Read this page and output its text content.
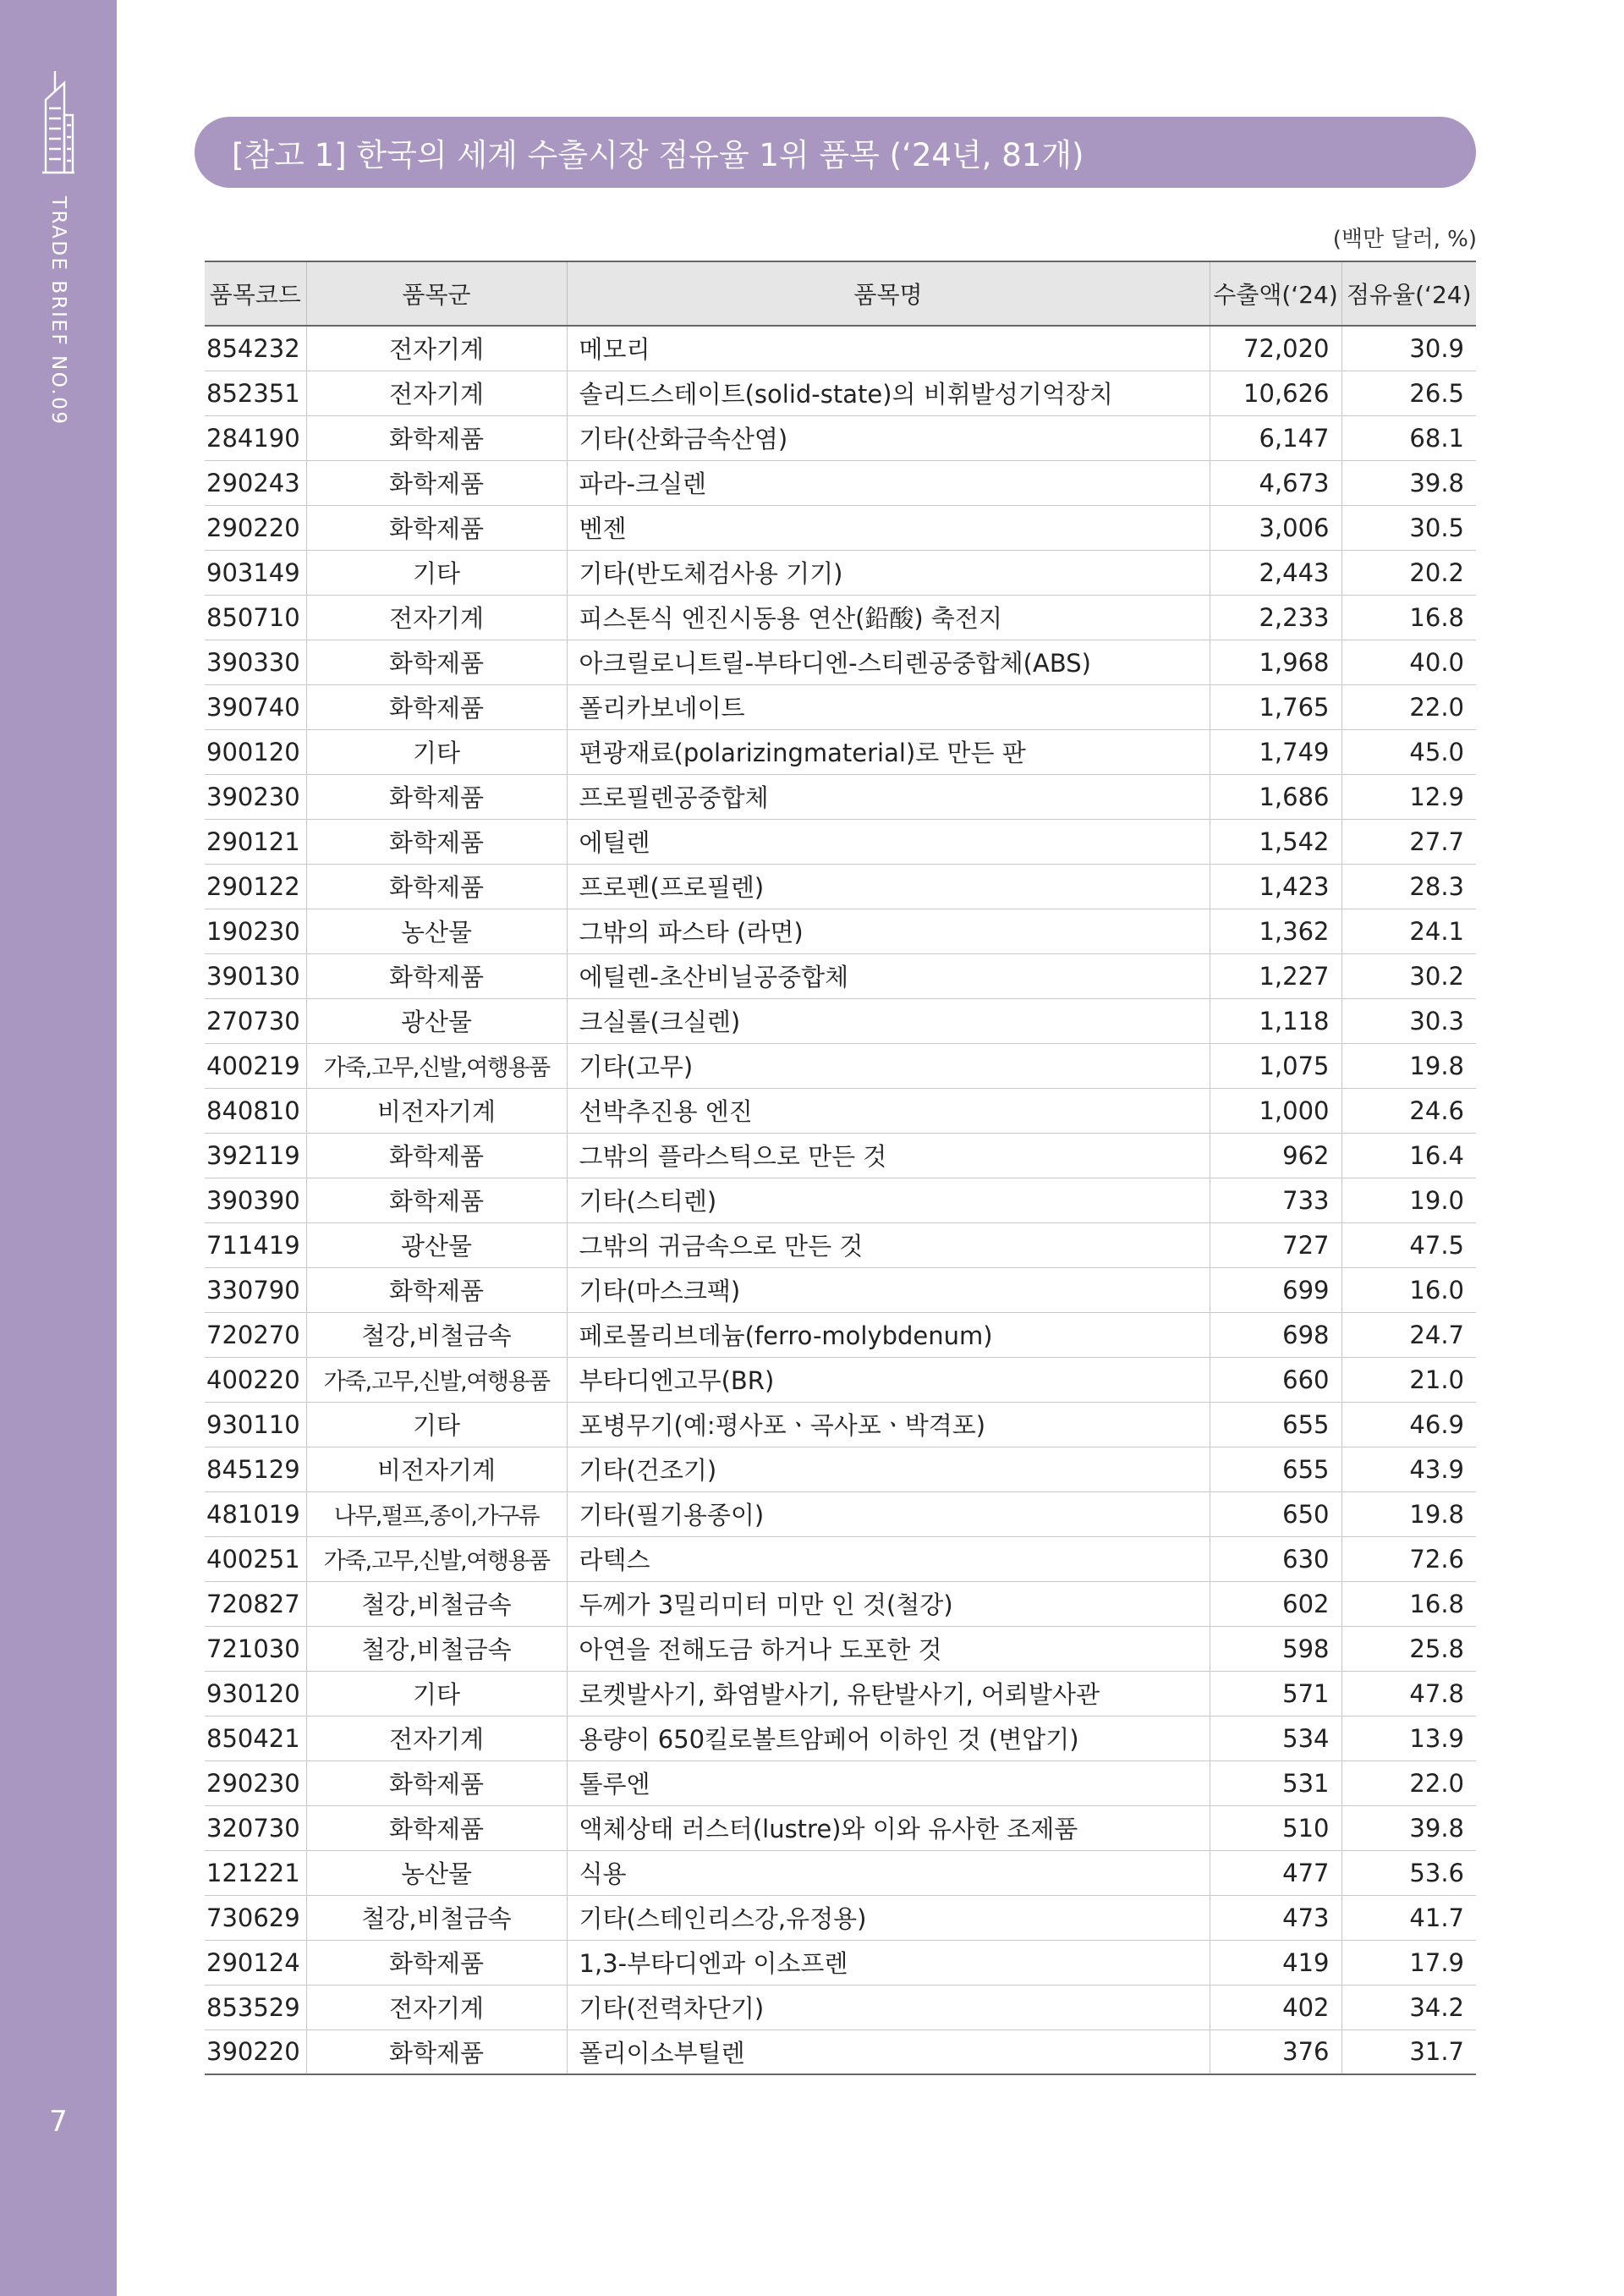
TRADE BRIEF NO.09
7
[참고 1] 한국의 세계 수출시장 점유율 1위 품목 (‘24년, 81개)
(백만 달러, %)
품목코드	품목군	품목명	수출액(‘24)	점유율(‘24)
854232	전자기계	메모리	72,020	30.9
852351	전자기계	솔리드스테이트(solid-state)의 비휘발성기억장치	10,626	26.5
284190	화학제품	기타(산화금속산염)	6,147	68.1
290243	화학제품	파라-크실렌	4,673	39.8
290220	화학제품	벤젠	3,006	30.5
903149	기타	기타(반도체검사용 기기)	2,443	20.2
850710	전자기계	피스톤식 엔진시동용 연산(鉛酸) 축전지	2,233	16.8
390330	화학제품	아크릴로니트릴-부타디엔-스티렌공중합체(ABS)	1,968	40.0
390740	화학제품	폴리카보네이트	1,765	22.0
900120	기타	편광재료(polarizingmaterial)로 만든 판	1,749	45.0
390230	화학제품	프로필렌공중합체	1,686	12.9
290121	화학제품	에틸렌	1,542	27.7
290122	화학제품	프로펜(프로필렌)	1,423	28.3
190230	농산물	그밖의 파스타 (라면)	1,362	24.1
390130	화학제품	에틸렌-초산비닐공중합체	1,227	30.2
270730	광산물	크실롤(크실렌)	1,118	30.3
400219	가죽,고무,신발,여행용품	기타(고무)	1,075	19.8
840810	비전자기계	선박추진용 엔진	1,000	24.6
392119	화학제품	그밖의 플라스틱으로 만든 것	962	16.4
390390	화학제품	기타(스티렌)	733	19.0
711419	광산물	그밖의 귀금속으로 만든 것	727	47.5
330790	화학제품	기타(마스크팩)	699	16.0
720270	철강,비철금속	페로몰리브데늄(ferro-molybdenum)	698	24.7
400220	가죽,고무,신발,여행용품	부타디엔고무(BR)	660	21.0
930110	기타	포병무기(예:평사포ㆍ곡사포ㆍ박격포)	655	46.9
845129	비전자기계	기타(건조기)	655	43.9
481019	나무,펄프,종이,가구류	기타(필기용종이)	650	19.8
400251	가죽,고무,신발,여행용품	라텍스	630	72.6
720827	철강,비철금속	두께가 3밀리미터 미만 인 것(철강)	602	16.8
721030	철강,비철금속	아연을 전해도금 하거나 도포한 것	598	25.8
930120	기타	로켓발사기, 화염발사기, 유탄발사기, 어뢰발사관	571	47.8
850421	전자기계	용량이 650킬로볼트암페어 이하인 것 (변압기)	534	13.9
290230	화학제품	톨루엔	531	22.0
320730	화학제품	액체상태 러스터(lustre)와 이와 유사한 조제품	510	39.8
121221	농산물	식용	477	53.6
730629	철강,비철금속	기타(스테인리스강,유정용)	473	41.7
290124	화학제품	1,3-부타디엔과 이소프렌	419	17.9
853529	전자기계	기타(전력차단기)	402	34.2
390220	화학제품	폴리이소부틸렌	376	31.7
